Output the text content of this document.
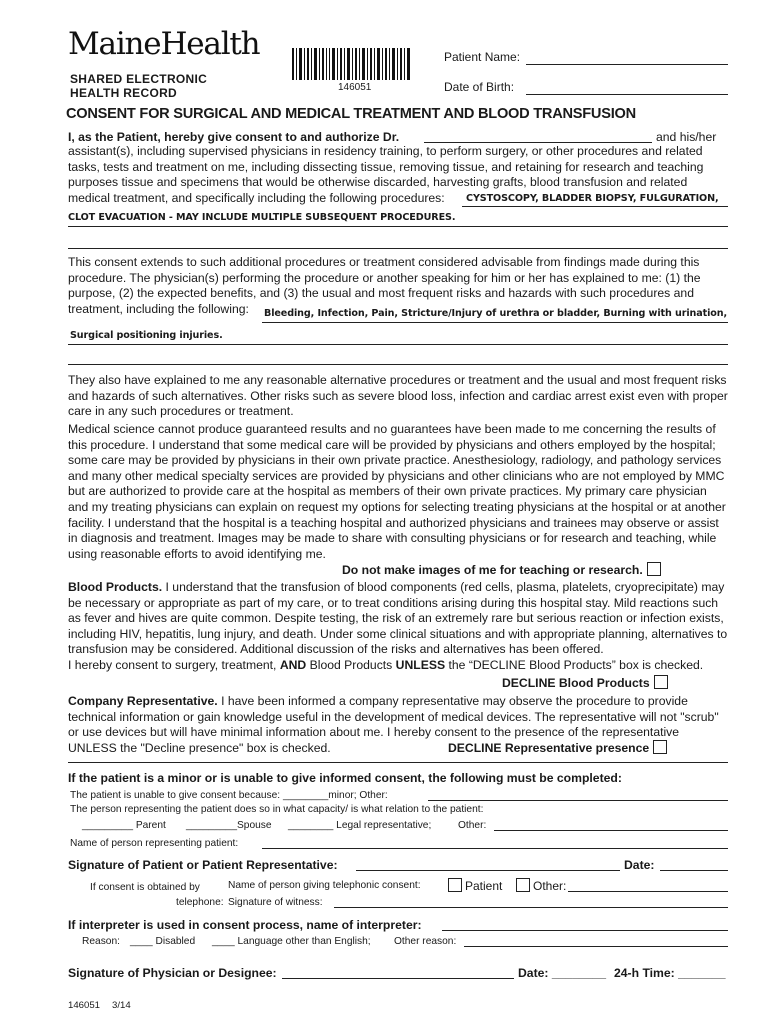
MaineHealth
SHARED ELECTRONIC
HEALTH RECORD	146051
Patient Name:
Date of Birth:
CONSENT FOR SURGICAL AND MEDICAL TREATMENT AND BLOOD TRANSFUSION
I, as the Patient, hereby give consent to and authorize Dr.	and his/her
assistant(s), including supervised physicians in residency training, to perform surgery, or other procedures and related tasks, tests and treatment on me, including dissecting tissue, removing tissue, and retaining for research and teaching purposes tissue and specimens that would be otherwise discarded, harvesting grafts, blood transfusion and related medical treatment, and specifically including the following procedures:	CYSTOSCOPY, BLADDER BIOPSY, FULGURATION,
CLOT EVACUATION - MAY INCLUDE MULTIPLE SUBSEQUENT PROCEDURES.
This consent extends to such additional procedures or treatment considered advisable from findings made during this procedure. The physician(s) performing the procedure or another speaking for him or her has explained to me: (1) the purpose, (2) the expected benefits, and (3) the usual and most frequent risks and hazards with such procedures and treatment, including the following:	Bleeding, Infection, Pain, Stricture/Injury of urethra or bladder, Burning with urination,
Surgical positioning injuries.
They also have explained to me any reasonable alternative procedures or treatment and the usual and most frequent risks and hazards of such alternatives. Other risks such as severe blood loss, infection and cardiac arrest exist even with proper care in any such procedures or treatment.
Medical science cannot produce guaranteed results and no guarantees have been made to me concerning the results of this procedure. I understand that some medical care will be provided by physicians and others employed by the hospital; some care may be provided by physicians in their own private practice. Anesthesiology, radiology, and pathology services and many other medical specialty services are provided by physicians and other clinicians who are not employed by MMC but are authorized to provide care at the hospital as members of their own private practices. My primary care physician and my treating physicians can explain on request my options for selecting treating physicians at the hospital or at another facility. I understand that the hospital is a teaching hospital and authorized physicians and trainees may observe or assist in diagnosis and treatment. Images may be made to share with consulting physicians or for research and teaching, while using reasonable efforts to avoid identifying me.
Do not make images of me for teaching or research.
Blood Products. I understand that the transfusion of blood components (red cells, plasma, platelets, cryoprecipitate) may be necessary or appropriate as part of my care, or to treat conditions arising during this hospital stay. Mild reactions such as fever and hives are quite common. Despite testing, the risk of an extremely rare but serious reaction or infection exists, including HIV, hepatitis, lung injury, and death. Under some clinical situations and with appropriate planning, alternatives to transfusion may be considered. Additional discussion of the risks and alternatives has been offered.
I hereby consent to surgery, treatment, AND Blood Products UNLESS the “DECLINE Blood Products” box is checked.
DECLINE Blood Products
Company Representative. I have been informed a company representative may observe the procedure to provide technical information or gain knowledge useful in the development of medical devices. The representative will not "scrub" or use devices but will have minimal information about me. I hereby consent to the presence of the representative UNLESS the "Decline presence" box is checked.	DECLINE Representative presence
If the patient is a minor or is unable to give informed consent, the following must be completed:
The patient is unable to give consent because: ________minor; Other:
The person representing the patient does so in what capacity/ is what relation to the patient:
_________ Parent _________Spouse ________ Legal representative;	Other:
Name of person representing patient:
Signature of Patient or Patient Representative:	Date:
If consent is obtained by
telephone:
Name of person giving telephonic consent:	Patient	Other:
Signature of witness:
If interpreter is used in consent process, name of interpreter:
Reason: ____ Disabled ____ Language other than English; Other reason:
Signature of Physician or Designee:	Date: ________ 24-h Time: _______
146051 3/14
